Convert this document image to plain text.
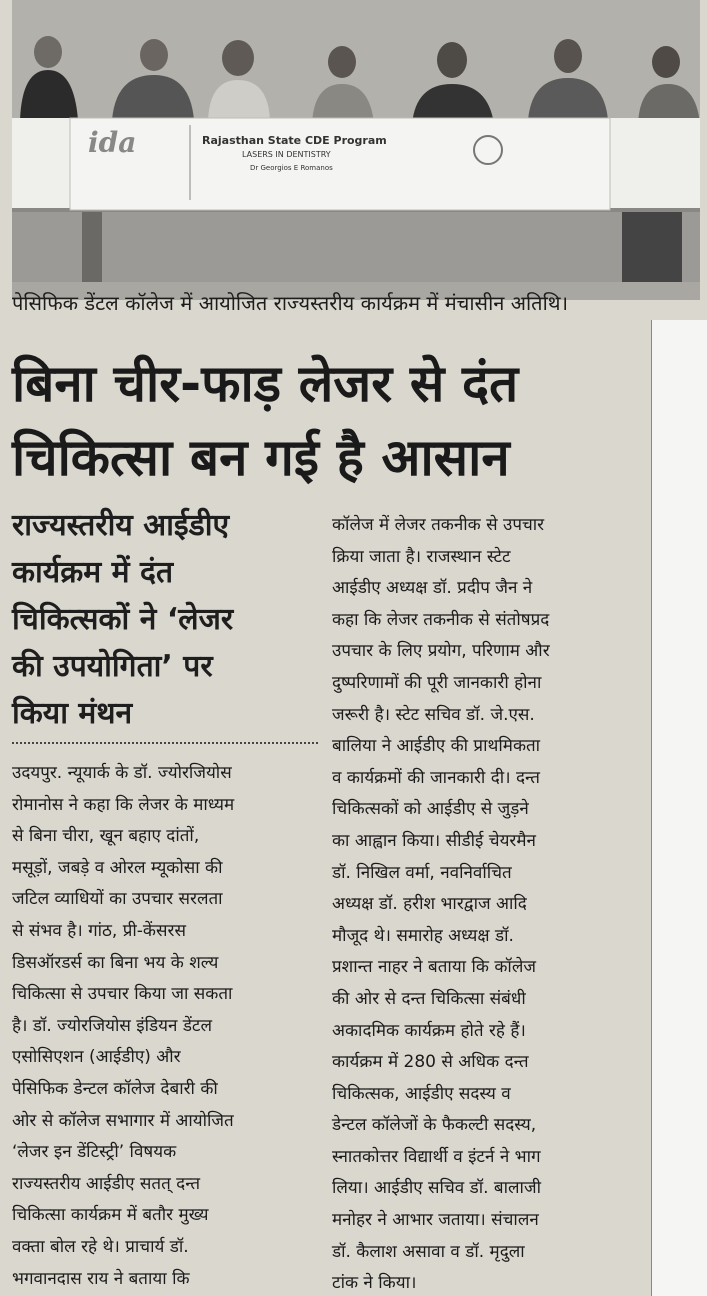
ida	Rajasthan State CDE Program
LASERS IN DENTISTRY
Dr Georgios E Romanos
पेसिफिक डेंटल कॉलेज में आयोजित राज्यस्तरीय कार्यक्रम में मंचासीन अतिथि।
बिना चीर-फाड़ लेजर से दंत
चिकित्सा बन गई है आसान
राज्यस्तरीय आईडीए
कार्यक्रम में दंत
चिकित्सकों ने ‘लेजर
की उपयोगिता’ पर
किया मंथन
उदयपुर. न्यूयार्क के डॉ. ज्योरजियोस
रोमानोस ने कहा कि लेजर के माध्यम
से बिना चीरा, खून बहाए दांतों,
मसूड़ों, जबड़े व ओरल म्यूकोसा की
जटिल व्याधियों का उपचार सरलता
से संभव है। गांठ, प्री-केंसरस
डिसऑरडर्स का बिना भय के शल्य
चिकित्सा से उपचार किया जा सकता
है। डॉ. ज्योरजियोस इंडियन डेंटल
एसोसिएशन (आईडीए) और
पेसिफिक डेन्टल कॉलेज देबारी की
ओर से कॉलेज सभागार में आयोजित
‘लेजर इन डेंटिस्ट्री’ विषयक
राज्यस्तरीय आईडीए सतत् दन्त
चिकित्सा कार्यक्रम में बतौर मुख्य
वक्ता बोल रहे थे। प्राचार्य डॉ.
भगवानदास राय ने बताया कि
कॉलेज में लेजर तकनीक से उपचार
क्रिया जाता है। राजस्थान स्टेट
आईडीए अध्यक्ष डॉ. प्रदीप जैन ने
कहा कि लेजर तकनीक से संतोषप्रद
उपचार के लिए प्रयोग, परिणाम और
दुष्परिणामों की पूरी जानकारी होना
जरूरी है। स्टेट सचिव डॉ. जे.एस.
बालिया ने आईडीए की प्राथमिकता
व कार्यक्रमों की जानकारी दी। दन्त
चिकित्सकों को आईडीए से जुड़ने
का आह्वान किया। सीडीई चेयरमैन
डॉ. निखिल वर्मा, नवनिर्वाचित
अध्यक्ष डॉ. हरीश भारद्वाज आदि
मौजूद थे। समारोह अध्यक्ष डॉ.
प्रशान्त नाहर ने बताया कि कॉलेज
की ओर से दन्त चिकित्सा संबंधी
अकादमिक कार्यक्रम होते रहे हैं।
कार्यक्रम में 280 से अधिक दन्त
चिकित्सक, आईडीए सदस्य व
डेन्टल कॉलेजों के फैकल्टी सदस्य,
स्नातकोत्तर विद्यार्थी व इंटर्न ने भाग
लिया। आईडीए सचिव डॉ. बालाजी
मनोहर ने आभार जताया। संचालन
डॉ. कैलाश असावा व डॉ. मृदुला
टांक ने किया।
